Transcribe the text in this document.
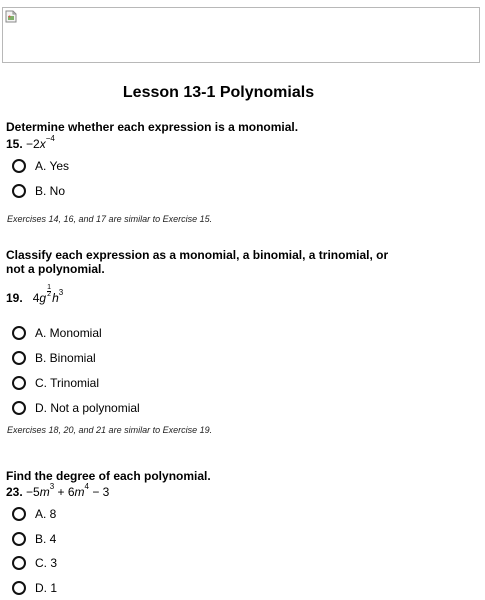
Lesson 13-1 Polynomials
Determine whether each expression is a monomial.
15. $-2x^{-4}$
A. Yes
B. No
Exercises 14, 16, and 17 are similar to Exercise 15.
Classify each expression as a monomial, a binomial, a trinomial, or
not a polynomial.
19. $4g\frac{1}{2}h^3$
A. Monomial
B. Binomial
C. Trinomial
D. Not a polynomial
Exercises 18, 20, and 21 are similar to Exercise 19.
Find the degree of each polynomial.
23. $-5m^3 + 6m^4 - 3$
A. 8
B. 4
C. 3
D. 1
